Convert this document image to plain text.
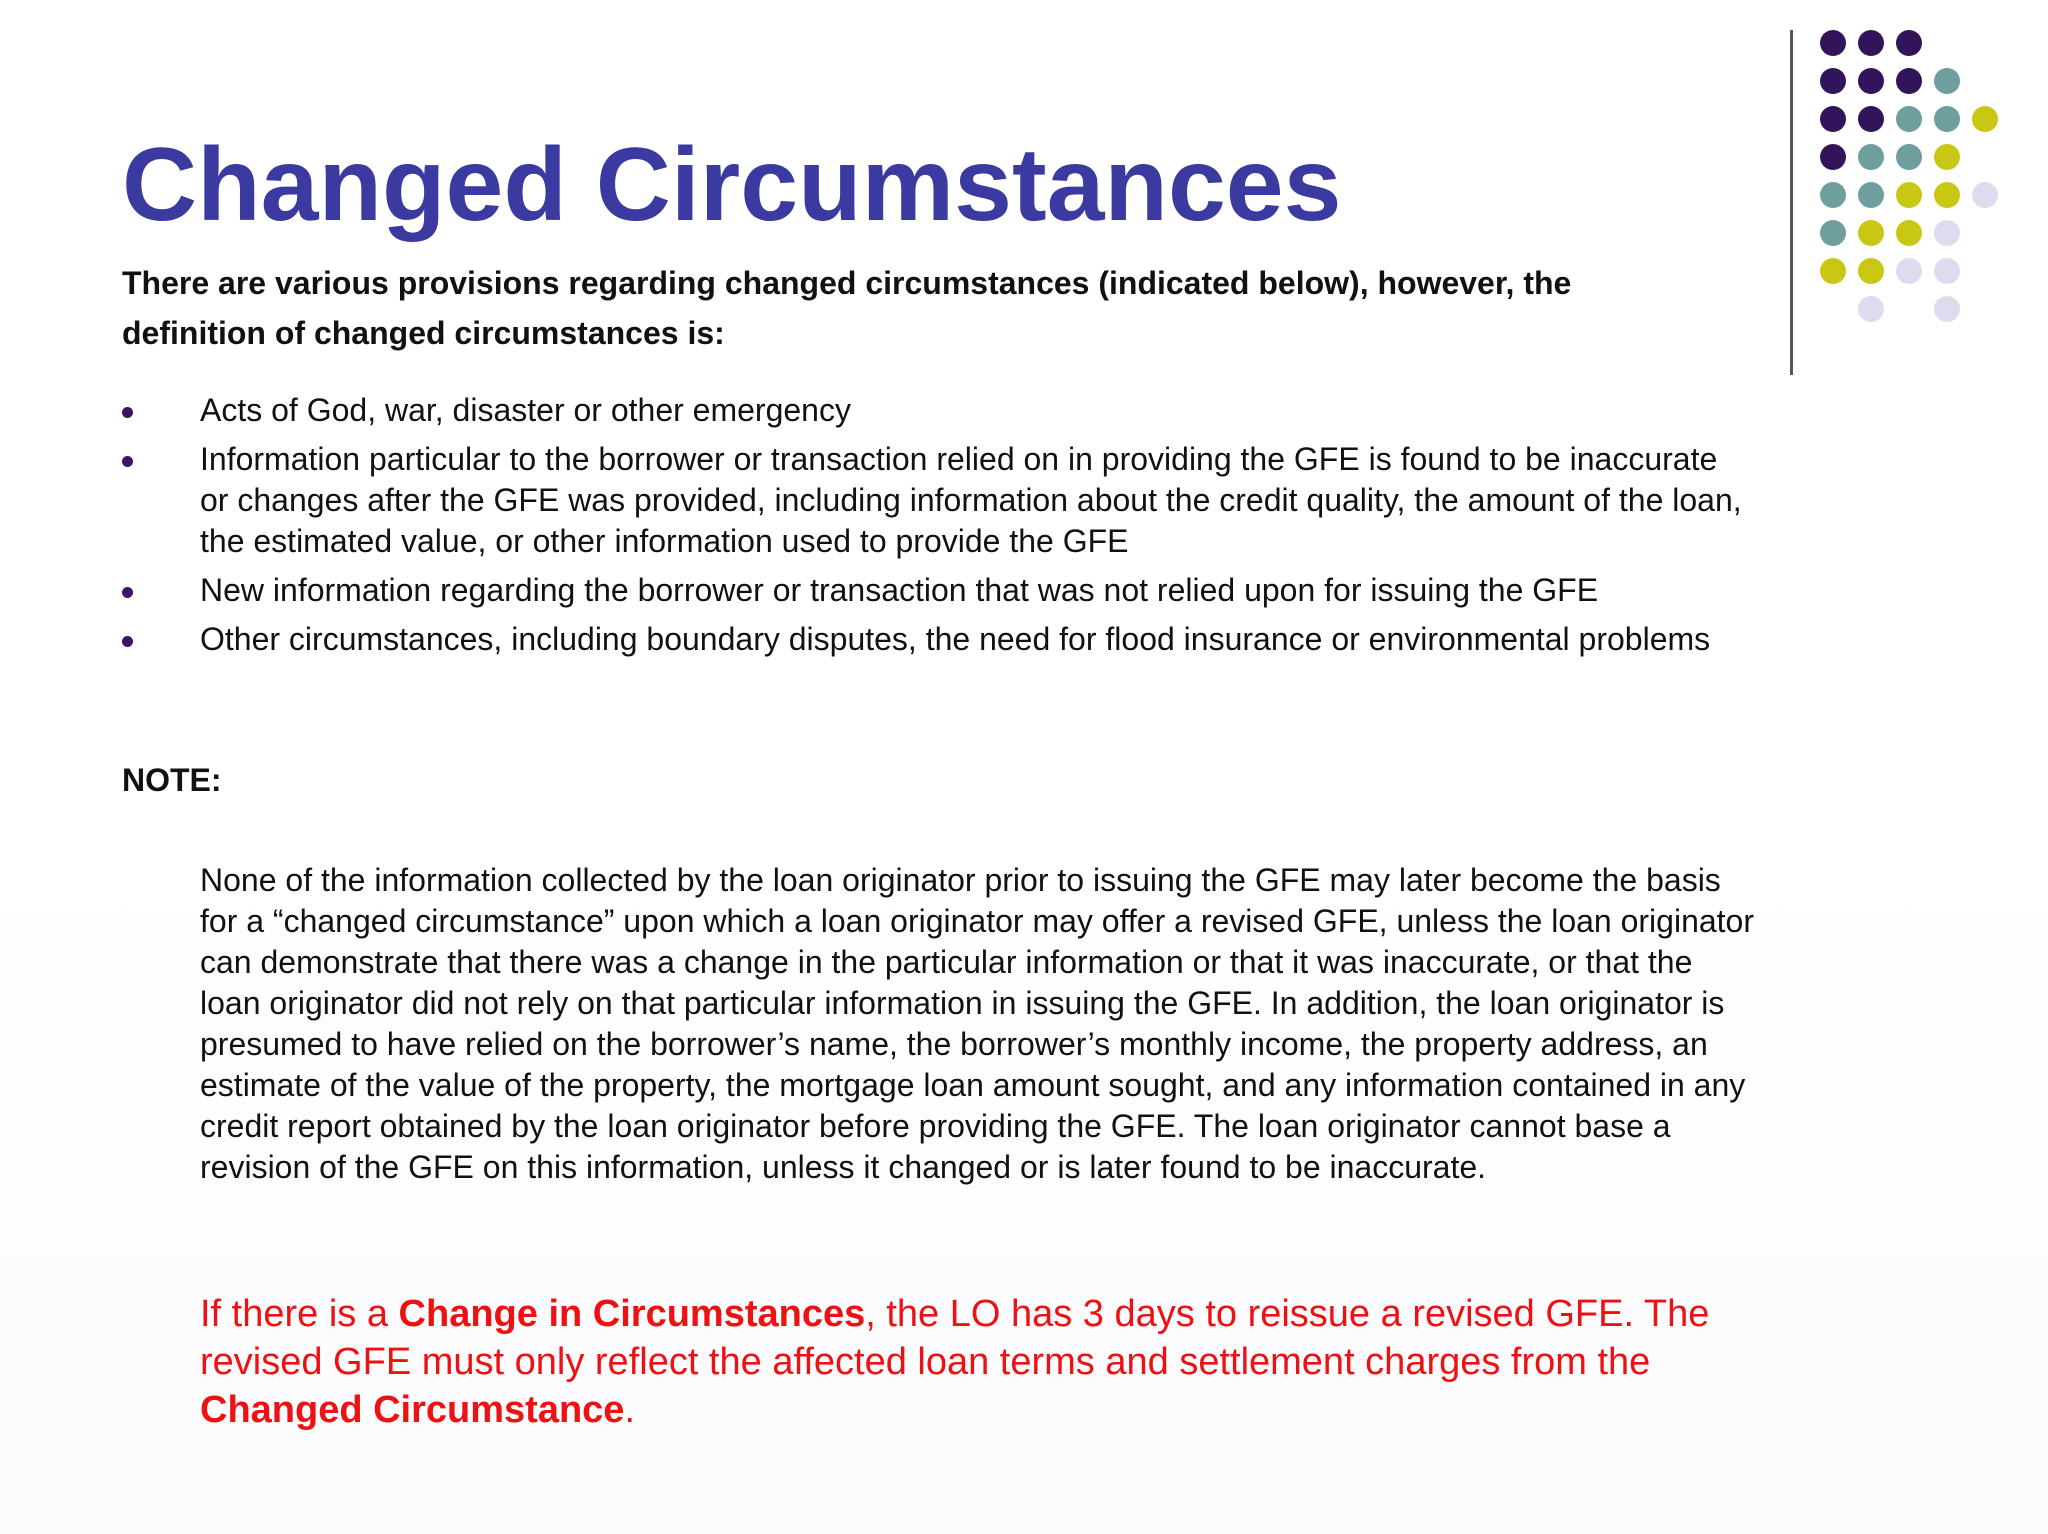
Changed Circumstances
There are various provisions regarding changed circumstances (indicated below), however, the definition of changed circumstances is:
Acts of God, war, disaster or other emergency
Information particular to the borrower or transaction relied on in providing the GFE is found to be inaccurate or changes after the GFE was provided, including information about the credit quality, the amount of the loan, the estimated value, or other information used to provide the GFE
New information regarding the borrower or transaction that was not relied upon for issuing the GFE
Other circumstances, including boundary disputes, the need for flood insurance or environmental problems
NOTE:
None of the information collected by the loan originator prior to issuing the GFE may later become the basis for a “changed circumstance” upon which a loan originator may offer a revised GFE, unless the loan originator can demonstrate that there was a change in the particular information or that it was inaccurate, or that the loan originator did not rely on that particular information in issuing the GFE. In addition, the loan originator is presumed to have relied on the borrower’s name, the borrower’s monthly income, the property address, an estimate of the value of the property, the mortgage loan amount sought, and any information contained in any credit report obtained by the loan originator before providing the GFE. The loan originator cannot base a revision of the GFE on this information, unless it changed or is later found to be inaccurate.
If there is a Change in Circumstances, the LO has 3 days to reissue a revised GFE. The revised GFE must only reflect the affected loan terms and settlement charges from the Changed Circumstance.
